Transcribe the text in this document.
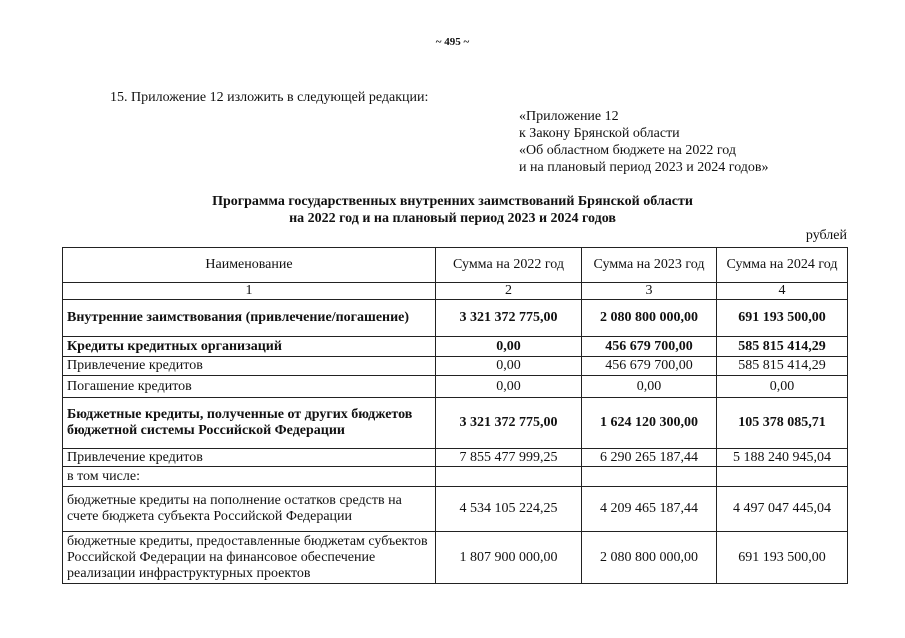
~ 495 ~
15. Приложение 12 изложить в следующей редакции:
«Приложение 12
к Закону Брянской области
«Об областном бюджете на 2022 год
и на плановый период 2023 и 2024 годов»
Программа государственных внутренних заимствований Брянской области
на 2022 год и на плановый период 2023 и 2024 годов
рублей
Наименование	Сумма на 2022 год	Сумма на 2023 год	Сумма на 2024 год
1	2	3	4
Внутренние заимствования (привлечение/погашение)	3 321 372 775,00	2 080 800 000,00	691 193 500,00
Кредиты кредитных организаций	0,00	456 679 700,00	585 815 414,29
Привлечение кредитов	0,00	456 679 700,00	585 815 414,29
Погашение кредитов	0,00	0,00	0,00
Бюджетные кредиты, полученные от других бюджетов бюджетной системы Российской Федерации	3 321 372 775,00	1 624 120 300,00	105 378 085,71
Привлечение кредитов	7 855 477 999,25	6 290 265 187,44	5 188 240 945,04
в том числе:			
бюджетные кредиты на пополнение остатков средств на счете бюджета субъекта Российской Федерации	4 534 105 224,25	4 209 465 187,44	4 497 047 445,04
бюджетные кредиты, предоставленные бюджетам субъектов Российской Федерации на финансовое обеспечение реализации инфраструктурных проектов	1 807 900 000,00	2 080 800 000,00	691 193 500,00
